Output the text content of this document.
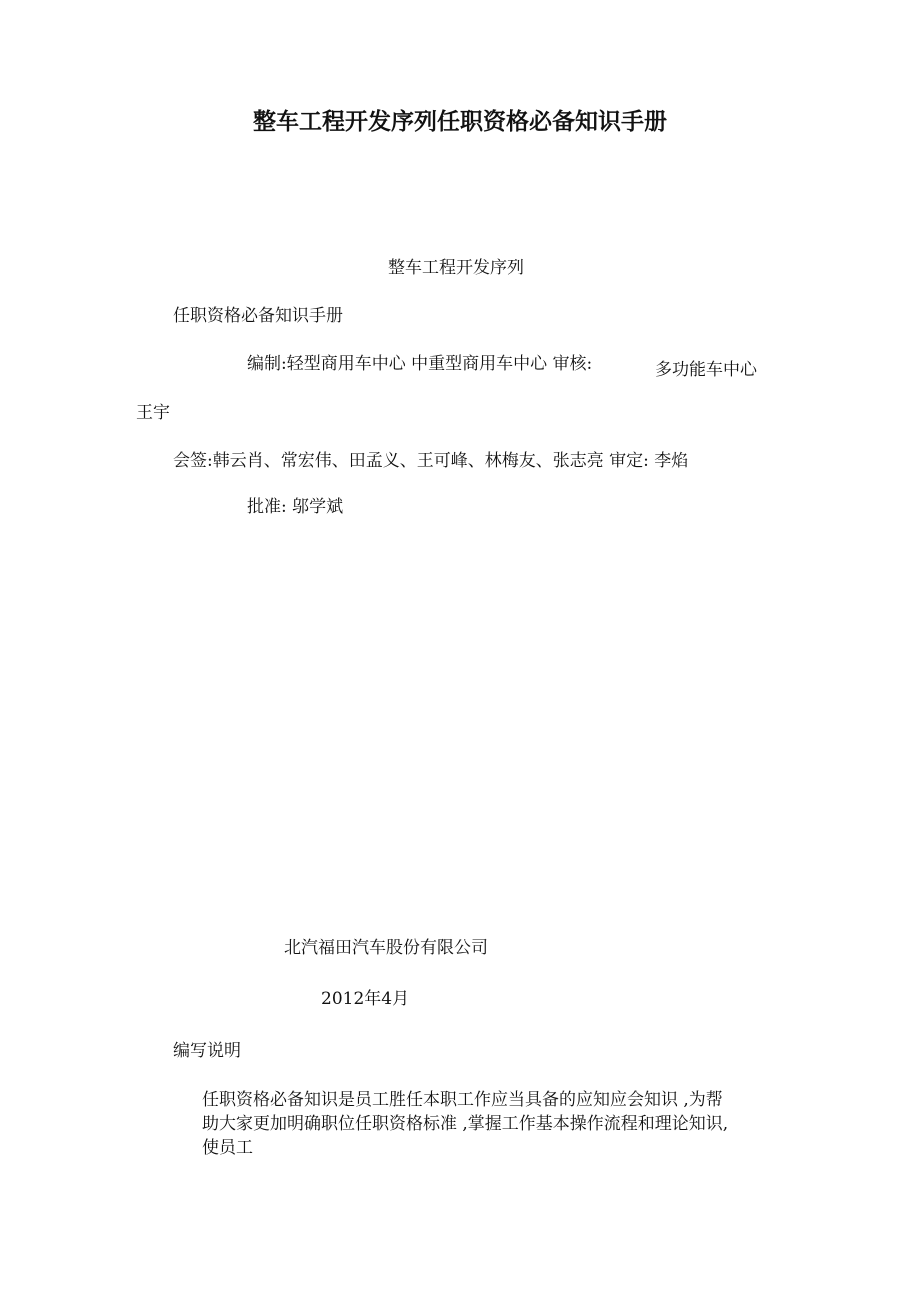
整车工程开发序列任职资格必备知识手册
整车工程开发序列
任职资格必备知识手册
编制:轻型商用车中心 中重型商用车中心 审核:	多功能车中心
王宇
会签:韩云肖、常宏伟、田孟义、王可峰、林梅友、张志亮 审定: 李焰
批准: 邬学斌
北汽福田汽车股份有限公司
2012年4月
编写说明
任职资格必备知识是员工胜任本职工作应当具备的应知应会知识 ,为帮
助大家更加明确职位任职资格标准 ,掌握工作基本操作流程和理论知识,
使员工
